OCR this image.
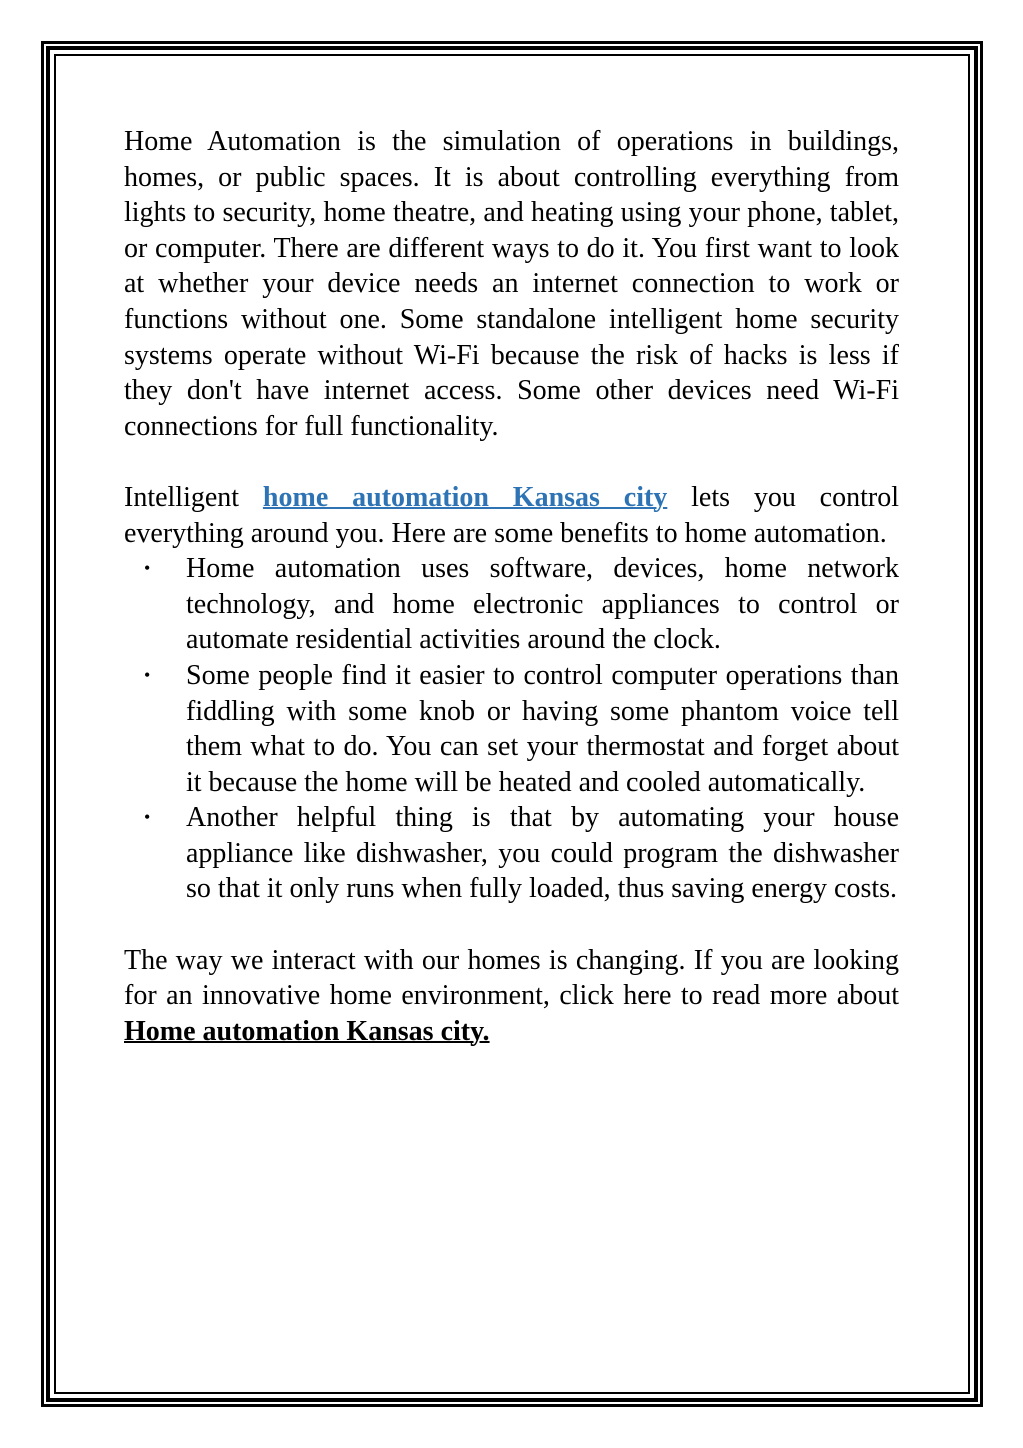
Home Automation is the simulation of operations in buildings, homes, or public spaces. It is about controlling everything from lights to security, home theatre, and heating using your phone, tablet, or computer. There are different ways to do it. You first want to look at whether your device needs an internet connection to work or functions without one. Some standalone intelligent home security systems operate without Wi-Fi because the risk of hacks is less if they don't have internet access. Some other devices need Wi-Fi connections for full functionality.

Intelligent home automation Kansas city lets you control everything around you. Here are some benefits to home automation.

• Home automation uses software, devices, home network technology, and home electronic appliances to control or automate residential activities around the clock.
• Some people find it easier to control computer operations than fiddling with some knob or having some phantom voice tell them what to do. You can set your thermostat and forget about it because the home will be heated and cooled automatically.
• Another helpful thing is that by automating your house appliance like dishwasher, you could program the dishwasher so that it only runs when fully loaded, thus saving energy costs.

The way we interact with our homes is changing. If you are looking for an innovative home environment, click here to read more about Home automation Kansas city.
